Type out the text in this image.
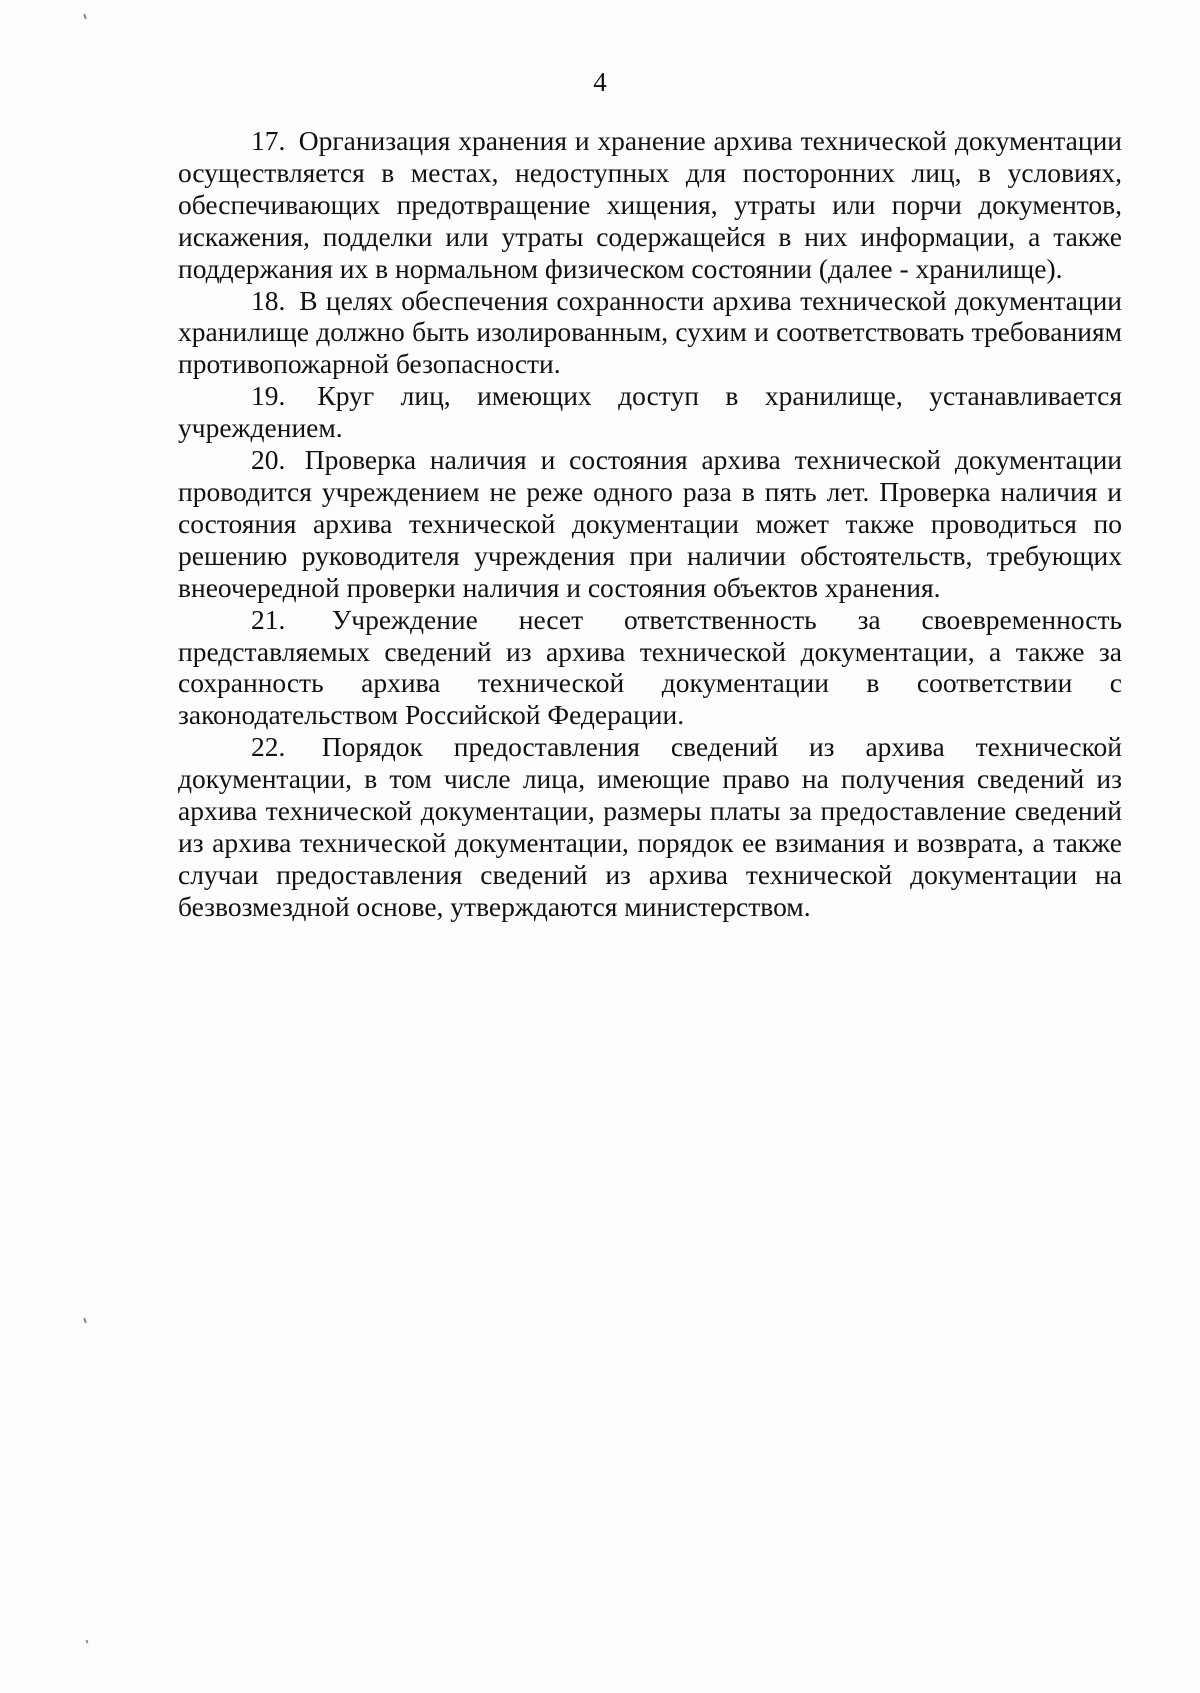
4

17. Организация хранения и хранение архива технической документации осуществляется в местах, недоступных для посторонних лиц, в условиях, обеспечивающих предотвращение хищения, утраты или порчи документов, искажения, подделки или утраты содержащейся в них информации, а также поддержания их в нормальном физическом состоянии (далее - хранилище).

18. В целях обеспечения сохранности архива технической документации хранилище должно быть изолированным, сухим и соответствовать требованиям противопожарной безопасности.

19. Круг лиц, имеющих доступ в хранилище, устанавливается учреждением.

20. Проверка наличия и состояния архива технической документации проводится учреждением не реже одного раза в пять лет. Проверка наличия и состояния архива технической документации может также проводиться по решению руководителя учреждения при наличии обстоятельств, требующих внеочередной проверки наличия и состояния объектов хранения.

21. Учреждение несет ответственность за своевременность представляемых сведений из архива технической документации, а также за сохранность архива технической документации в соответствии с законодательством Российской Федерации.

22. Порядок предоставления сведений из архива технической документации, в том числе лица, имеющие право на получения сведений из архива технической документации, размеры платы за предоставление сведений из архива технической документации, порядок ее взимания и возврата, а также случаи предоставления сведений из архива технической документации на безвозмездной основе, утверждаются министерством.
